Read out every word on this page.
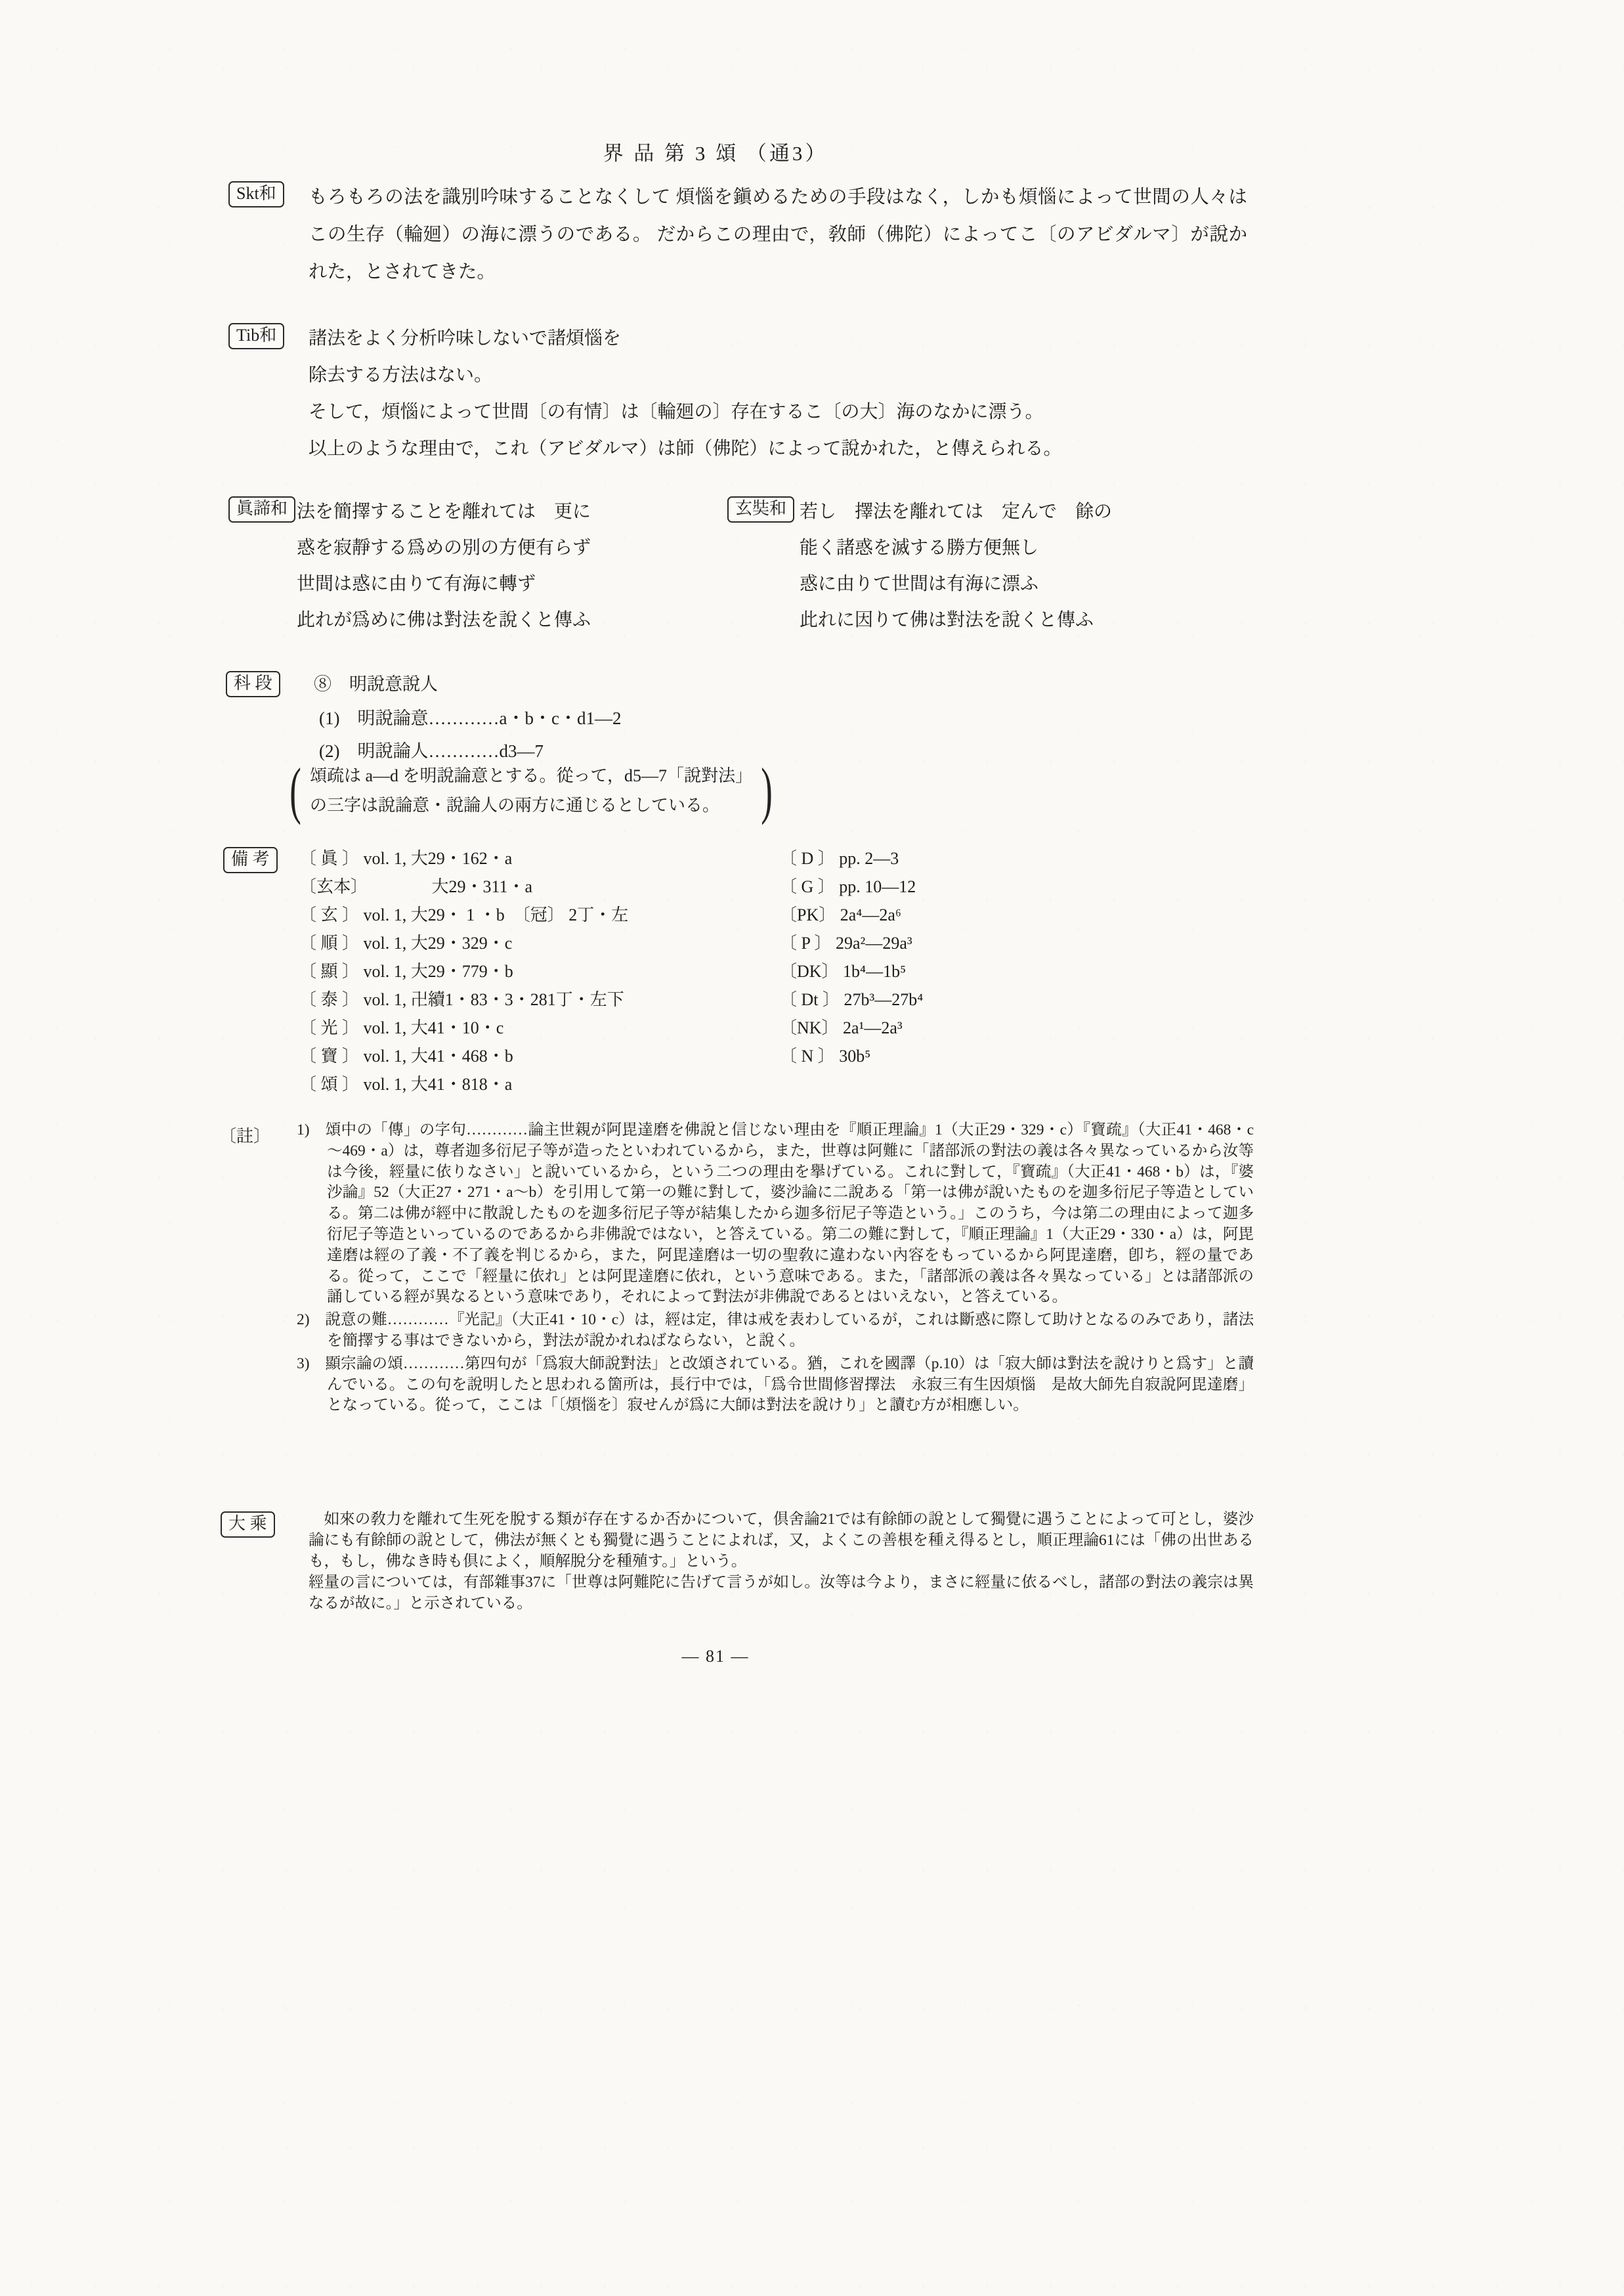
界 品 第 3 頌 （通3）
Skt和	もろもろの法を識別吟味することなくして 煩惱を鎭めるための手段はなく，しかも煩惱によって世間の人々はこの生存（輪廻）の海に漂うのである。 だからこの理由で，敎師（佛陀）によってこ〔のアビダルマ〕が說かれた，とされてきた。
Tib和	諸法をよく分析吟味しないで諸煩惱を
除去する方法はない。
そして，煩惱によって世間〔の有情〕は〔輪廻の〕存在するこ〔の大〕海のなかに漂う。
以上のような理由で，これ（アビダルマ）は師（佛陀）によって說かれた，と傳えられる。
眞諦和 法を簡擇することを離れては　更に
惑を寂靜する爲めの別の方便有らず
世間は惑に由りて有海に轉ず
此れが爲めに佛は對法を說くと傳ふ
玄奘和 若し　擇法を離れては　定んで　餘の
能く諸惑を滅する勝方便無し
惑に由りて世間は有海に漂ふ
此れに因りて佛は對法を說くと傳ふ
科 段	⑧　明說意說人
(1)　明說論意…………a・b・c・d1—2
(2)　明說論人…………d3—7
( 頌疏は a—d を明說論意とする。從って，d5—7「說對法」
の三字は說論意・說論人の兩方に通じるとしている。 )
備 考	〔 眞 〕 vol. 1, 大29・162・a
〔玄本〕　　　　 大29・311・a
〔 玄 〕 vol. 1, 大29・ 1 ・b　〔冠〕 2丁・左
〔 順 〕 vol. 1, 大29・329・c
〔 顯 〕 vol. 1, 大29・779・b
〔 泰 〕 vol. 1, 卍續1・83・3・281丁・左下
〔 光 〕 vol. 1, 大41・10・c
〔 寶 〕 vol. 1, 大41・468・b
〔 頌 〕 vol. 1, 大41・818・a
〔 D 〕 pp. 2—3
〔 G 〕 pp. 10—12
〔PK〕 2a⁴—2a⁶
〔 P 〕 29a²—29a³
〔DK〕 1b⁴—1b⁵
〔 Dt 〕 27b³—27b⁴
〔NK〕 2a¹—2a³
〔 N 〕 30b⁵
〔註〕 1)　頌中の「傳」の字句…………論主世親が阿毘達磨を佛說と信じない理由を『順正理論』1（大正29・329・c）『寶疏』（大正41・468・c～469・a）は，尊者迦多衍尼子等が造ったといわれているから，また，世尊は阿難に「諸部派の對法の義は各々異なっているから汝等は今後，經量に依りなさい」と說いているから，という二つの理由を擧げている。これに對して，『寶疏』（大正41・468・b）は，『婆沙論』52（大正27・271・a～b）を引用して第一の難に對して，婆沙論に二說ある「第一は佛が說いたものを迦多衍尼子等造としている。第二は佛が經中に散說したものを迦多衍尼子等が結集したから迦多衍尼子等造という。」このうち，今は第二の理由によって迦多衍尼子等造といっているのであるから非佛說ではない，と答えている。第二の難に對して，『順正理論』1（大正29・330・a）は，阿毘達磨は經の了義・不了義を判じるから，また，阿毘達磨は一切の聖敎に違わない內容をもっているから阿毘達磨，卽ち，經の量である。從って，ここで「經量に依れ」とは阿毘達磨に依れ，という意味である。また，「諸部派の義は各々異なっている」とは諸部派の誦している經が異なるという意味であり，それによって對法が非佛說であるとはいえない，と答えている。

2)　說意の難…………『光記』（大正41・10・c）は，經は定，律は戒を表わしているが，これは斷惑に際して助けとなるのみであり，諸法を簡擇する事はできないから，對法が說かれねばならない，と說く。

3)　顯宗論の頌…………第四句が「爲寂大師說對法」と改頌されている。猶，これを國譯（p.10）は「寂大師は對法を說けりと爲す」と讀んでいる。この句を說明したと思われる箇所は，長行中では，「爲令世間修習擇法　永寂三有生因煩惱　是故大師先自寂說阿毘達磨」となっている。從って，ここは「〔煩惱を〕寂せんが爲に大師は對法を說けり」と讀む方が相應しい。

大 乘	如來の敎力を離れて生死を脫する類が存在するか否かについて，倶舍論21では有餘師の說として獨覺に遇うことによって可とし，婆沙論にも有餘師の說として，佛法が無くとも獨覺に遇うことによれば，又，よくこの善根を種え得るとし，順正理論61には「佛の出世あるも，もし，佛なき時も倶によく，順解脫分を種殖す。」という。

經量の言については，有部雜事37に「世尊は阿難陀に告げて言うが如し。汝等は今より，まさに經量に依るべし，諸部の對法の義宗は異なるが故に。」と示されている。

— 81 —
